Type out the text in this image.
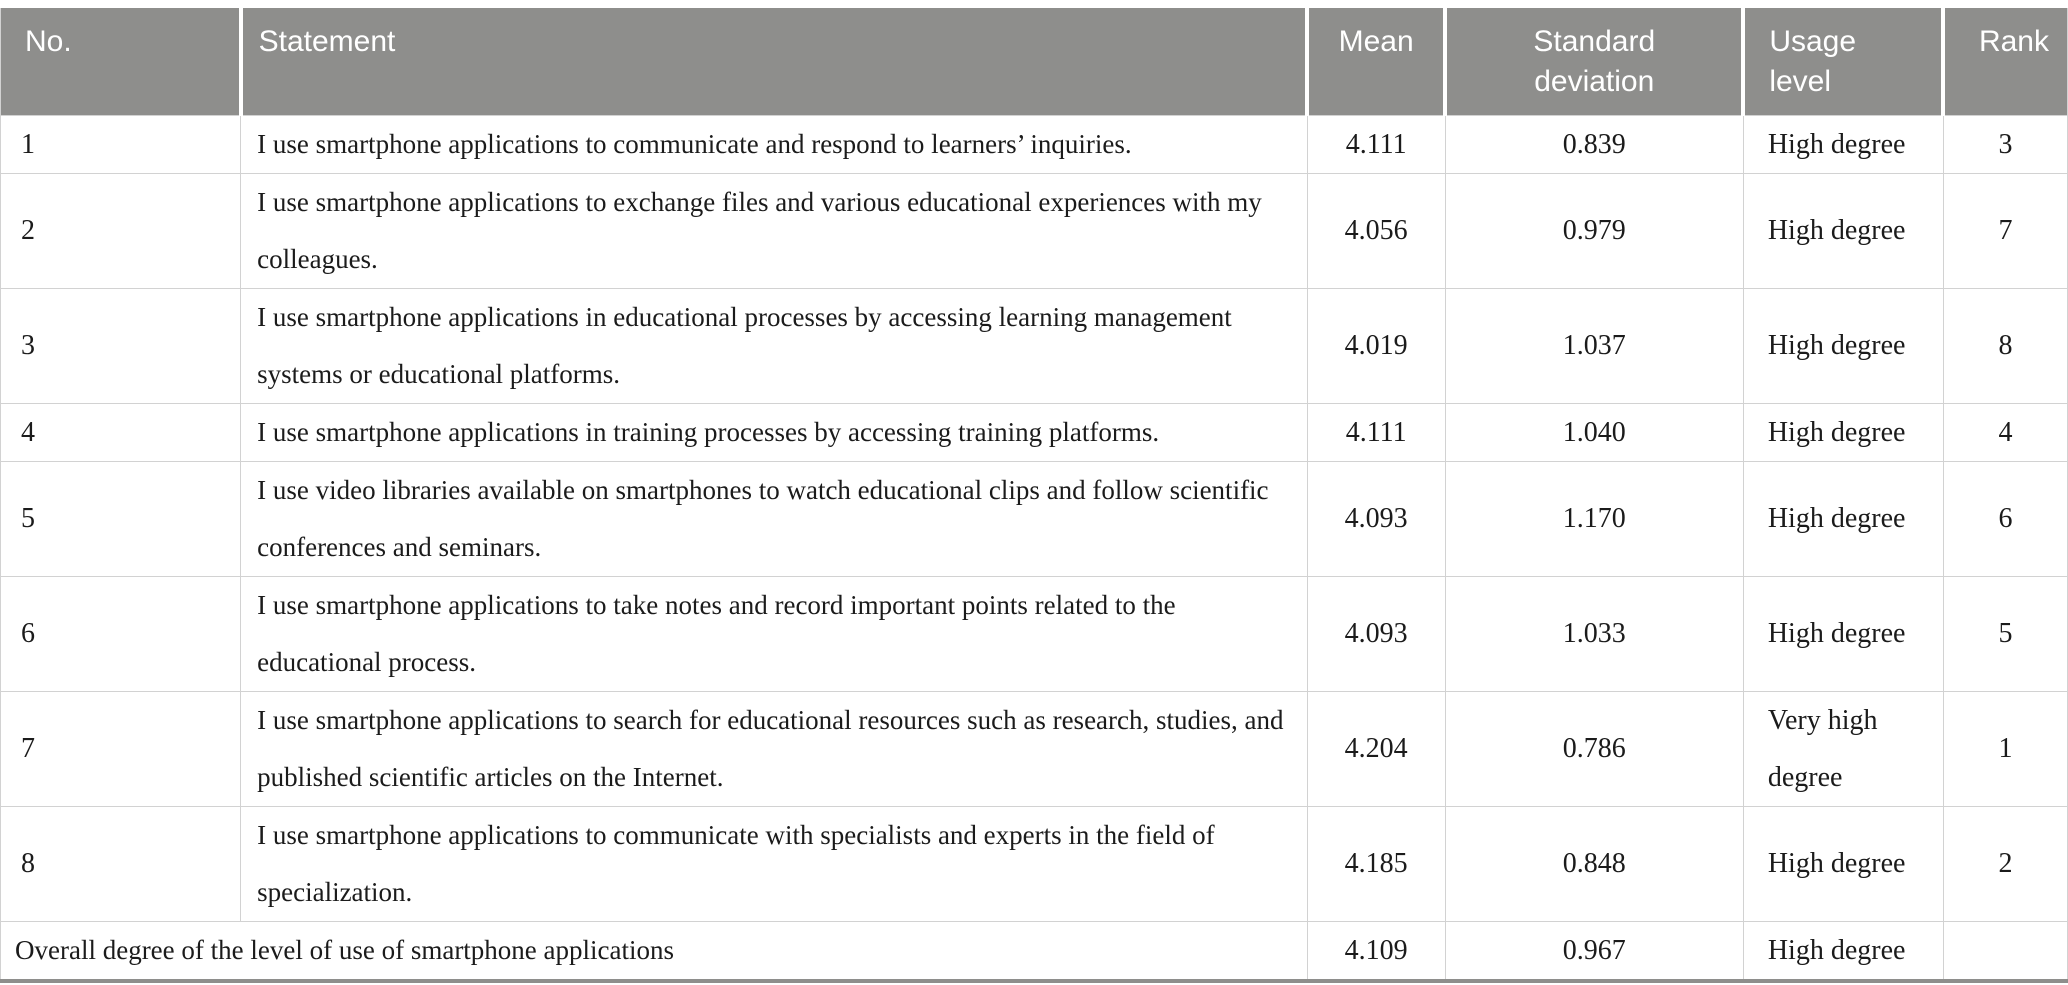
No.	Statement	Mean	Standard deviation	Usage level	Rank
1	I use smartphone applications to communicate and respond to learners’ inquiries.	4.111	0.839	High degree	3
2	I use smartphone applications to exchange files and various educational experiences with my colleagues.	4.056	0.979	High degree	7
3	I use smartphone applications in educational processes by accessing learning management systems or educational platforms.	4.019	1.037	High degree	8
4	I use smartphone applications in training processes by accessing training platforms.	4.111	1.040	High degree	4
5	I use video libraries available on smartphones to watch educational clips and follow scientific conferences and seminars.	4.093	1.170	High degree	6
6	I use smartphone applications to take notes and record important points related to the educational process.	4.093	1.033	High degree	5
7	I use smartphone applications to search for educational resources such as research, studies, and published scientific articles on the Internet.	4.204	0.786	Very high degree	1
8	I use smartphone applications to communicate with specialists and experts in the field of specialization.	4.185	0.848	High degree	2
Overall degree of the level of use of smartphone applications		4.109	0.967	High degree	
